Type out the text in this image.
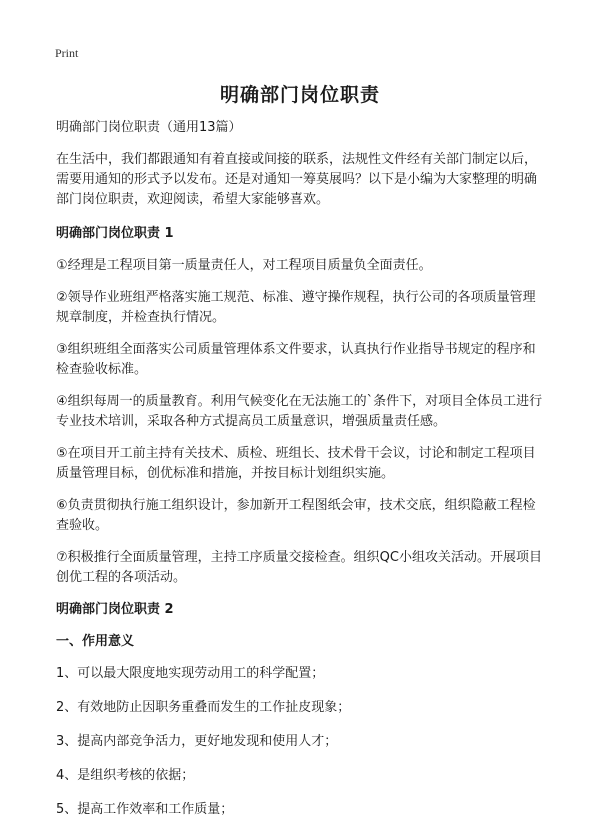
Print
明确部门岗位职责

明确部门岗位职责（通用13篇）

在生活中，我们都跟通知有着直接或间接的联系，法规性文件经有关部门制定以后，需要用通知的形式予以发布。还是对通知一筹莫展吗？以下是小编为大家整理的明确部门岗位职责，欢迎阅读，希望大家能够喜欢。

明确部门岗位职责 1

①经理是工程项目第一质量责任人，对工程项目质量负全面责任。

②领导作业班组严格落实施工规范、标准、遵守操作规程，执行公司的各项质量管理规章制度，并检查执行情况。

③组织班组全面落实公司质量管理体系文件要求，认真执行作业指导书规定的程序和检查验收标准。

④组织每周一的质量教育。利用气候变化在无法施工的`条件下，对项目全体员工进行专业技术培训，采取各种方式提高员工质量意识，增强质量责任感。

⑤在项目开工前主持有关技术、质检、班组长、技术骨干会议，讨论和制定工程项目质量管理目标，创优标准和措施，并按目标计划组织实施。

⑥负责贯彻执行施工组织设计，参加新开工程图纸会审，技术交底，组织隐蔽工程检查验收。

⑦积极推行全面质量管理，主持工序质量交接检查。组织QC小组攻关活动。开展项目创优工程的各项活动。

明确部门岗位职责 2

一、作用意义

1、可以最大限度地实现劳动用工的科学配置；

2、有效地防止因职务重叠而发生的工作扯皮现象；

3、提高内部竞争活力，更好地发现和使用人才；

4、是组织考核的依据；

5、提高工作效率和工作质量；
